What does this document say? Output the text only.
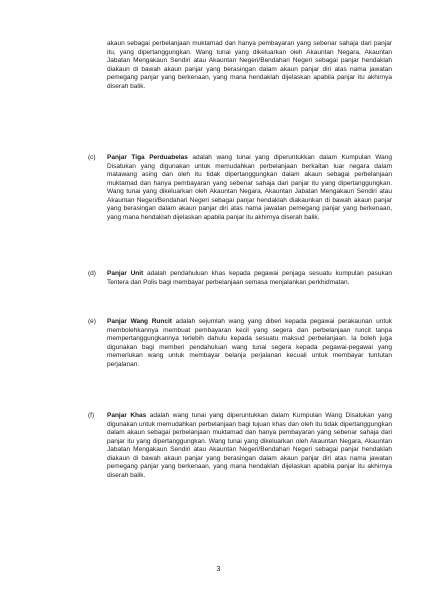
akaun sebagai perbelanjaan muktamad dan hanya pembayaran yang sebenar sahaja dari panjar itu, yang dipertanggungkan. Wang tunai yang dikeluarkan oleh Akauntan Negara, Akauntan Jabatan Mengakaun Sendiri atau Akauntan Negeri/Bendahari Negeri sebagai panjar hendaklah diakaun di bawah akaun panjar yang berasingan dalam akaun panjar diri atas nama jawatan pemegang panjar yang berkenaan, yang mana hendaklah dijelaskan apabila panjar itu akhirnya diserah balik.

(c)	Panjar Tiga Perduabelas adalah wang tunai yang diperuntukkan dalam Kumpulan Wang Disatukan yang digunakan untuk memudahkan perbelanjaan berkaitan luar negara dalam matawang asing dan oleh itu tidak dipertanggungkan dalam akaun sebagai perbelanjaan muktamad dan hanya pembayaran yang sebenar sahaja dari panjar itu yang dipertanggungkan. Wang tunai yang dikeluarkan oleh Akauntan Negara, Akauntan Jabatan Mengakaun Sendiri atau Akauntan Negeri/Bendahari Negeri sebagai panjar hendaklah diakaunkan di bawah akaun panjar yang berasingan dalam akaun panjar diri atas nama jawatan pemegang panjar yang berkenaan, yang mana hendaklah dijelaskan apabila panjar itu akhirnya diserah balik.

(d)	Panjar Unit adalah pendahuluan khas kepada pegawai penjaga sesuatu kumpulan pasukan Tentera dan Polis bagi membayar perbelanjaan semasa menjalankan perkhidmatan.

(e)	Panjar Wang Runcit adalah sejumlah wang yang diberi kepada pegawai perakaunan untuk membolehkannya membuat pembayaran kecil yang segera dan perbelanjaan runcit tanpa mempertanggungkannya terlebih dahulu kepada sesuatu maksud perbelanjaan. Ia boleh juga digunakan bagi memberi pendahuluan wang tunai segera kepada pegawai-pegawai yang memerlukan wang untuk membayar belanja perjalanan kecuali untuk membayar tuntutan perjalanan.

(f)	Panjar Khas adalah wang tunai yang diperuntukkan dalam Kumpulan Wang Disatukan yang digunakan untuk memudahkan perbelanjaan bagi tujuan khas dan oleh itu tidak dipertanggungkan dalam akaun sebagai perbelanjaan muktamad dan hanya pembayaran yang sebenar sahaja dari panjar itu yang dipertanggungkan. Wang tunai yang dikeluarkan oleh Akauntan Negara, Akauntan Jabatan Mengakaun Sendiri atau Akauntan Negeri/Bendahari Negeri sebagai panjar hendaklah diakaun di bawah akaun panjar yang berasingan dalam akaun panjar diri atas nama jawatan pemegang panjar yang berkenaan, yang mana hendaklah dijelaskan apabila panjar itu akhirnya diserah balik.

3
